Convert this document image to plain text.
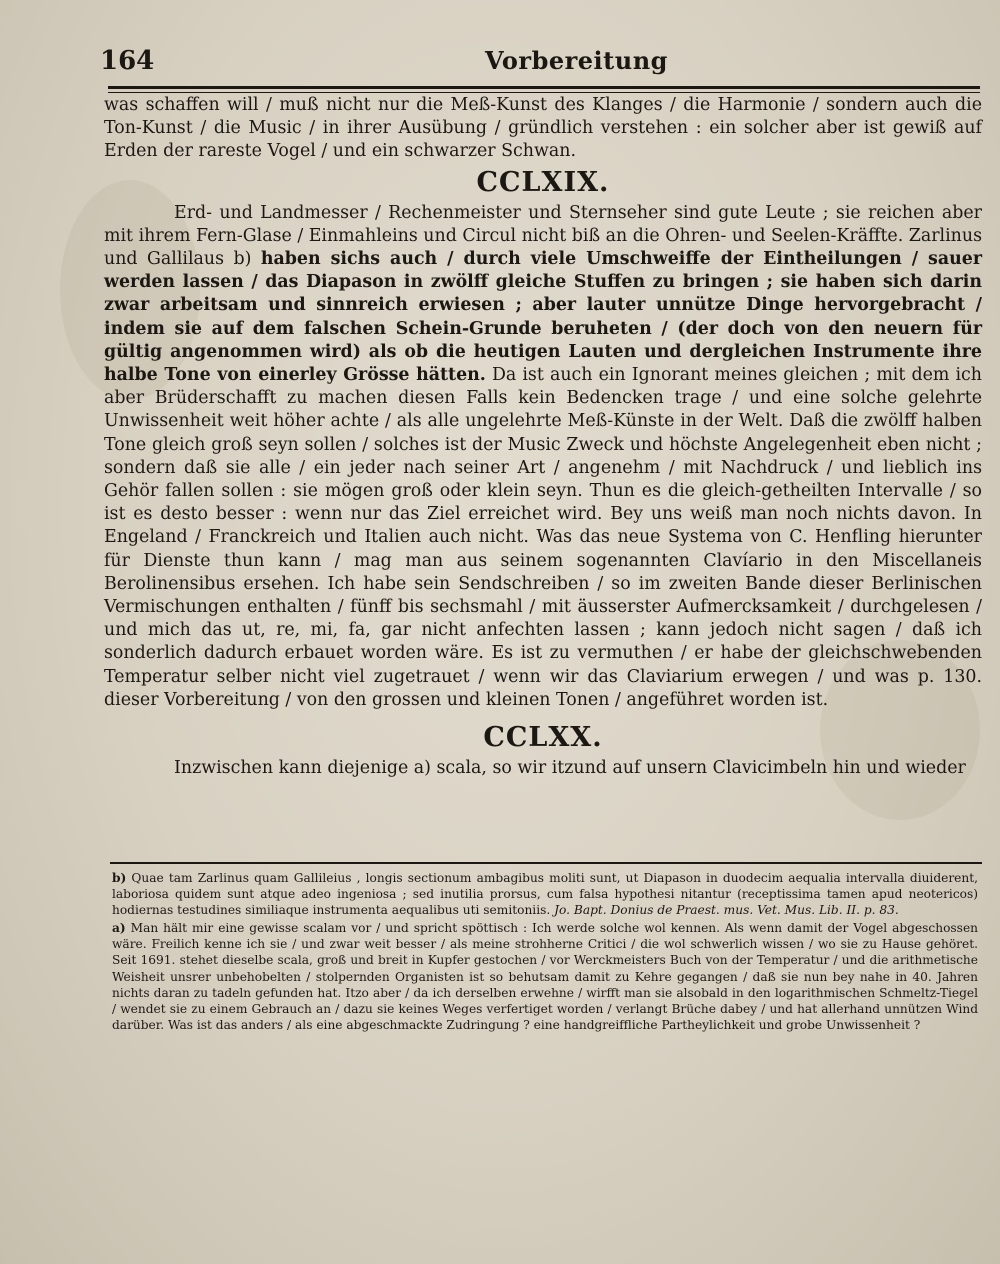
164	Vorbereitung

was schaffen will / muß nicht nur die Meß-Kunst des Klanges / die Harmonie / sondern auch die Ton-Kunst / die Music / in ihrer Ausübung / gründlich verstehen : ein solcher aber ist gewiß auf Erden der rareste Vogel / und ein schwarzer Schwan.

CCLXIX.

Erd- und Landmesser / Rechenmeister und Sternseher sind gute Leute ; sie reichen aber mit ihrem Fern-Glase / Einmahleins und Circul nicht biß an die Ohren- und Seelen-Kräffte. Zarlinus und Gallilaus b) haben sichs auch / durch viele Umschweiffe der Eintheilungen / sauer werden lassen / das Diapason in zwölff gleiche Stuffen zu bringen ; sie haben sich darin zwar arbeitsam und sinnreich erwiesen ; aber lauter unnütze Dinge hervorgebracht / indem sie auf dem falschen Schein-Grunde beruheten / (der doch von den neuern für gültig angenommen wird) als ob die heutigen Lauten und dergleichen Instrumente ihre halbe Tone von einerley Grösse hätten. Da ist auch ein Ignorant meines gleichen ; mit dem ich aber Brüderschafft zu machen diesen Falls kein Bedencken trage / und eine solche gelehrte Unwissenheit weit höher achte / als alle ungelehrte Meß-Künste in der Welt. Daß die zwölff halben Tone gleich groß seyn sollen / solches ist der Music Zweck und höchste Angelegenheit eben nicht ; sondern daß sie alle / ein jeder nach seiner Art / angenehm / mit Nachdruck / und lieblich ins Gehör fallen sollen : sie mögen groß oder klein seyn. Thun es die gleich-getheilten Intervalle / so ist es desto besser : wenn nur das Ziel erreichet wird. Bey uns weiß man noch nichts davon. In Engeland / Franckreich und Italien auch nicht. Was das neue Systema von C. Henfling hierunter für Dienste thun kann / mag man aus seinem sogenannten Clavíario in den Miscellaneis Berolinensibus ersehen. Ich habe sein Sendschreiben / so im zweiten Bande dieser Berlinischen Vermischungen enthalten / fünff bis sechsmahl / mit äusserster Aufmercksamkeit / durchgelesen / und mich das ut, re, mi, fa, gar nicht anfechten lassen ; kann jedoch nicht sagen / daß ich sonderlich dadurch erbauet worden wäre. Es ist zu vermuthen / er habe der gleichschwebenden Temperatur selber nicht viel zugetrauet / wenn wir das Claviarium erwegen / und was p. 130. dieser Vorbereitung / von den grossen und kleinen Tonen / angeführet worden ist.

CCLXX.

Inzwischen kann diejenige a) scala, so wir itzund auf unsern Clavicimbeln hin und wieder

b) Quae tam Zarlinus quam Gallileius , longis sectionum ambagibus moliti sunt, ut Diapason in duodecim aequalia intervalla diuiderent, laboriosa quidem sunt atque adeo ingeniosa ; sed inutilia prorsus, cum falsa hypothesi nitantur (receptissima tamen apud neotericos) hodiernas testudines similiaque instrumenta aequalibus uti semitoniis. Jo. Bapt. Donius de Praest. mus. Vet. Mus. Lib. II. p. 83.

a) Man hält mir eine gewisse scalam vor / und spricht spöttisch : Ich werde solche wol kennen. Als wenn damit der Vogel abgeschossen wäre. Freilich kenne ich sie / und zwar weit besser / als meine strohherne Critici / die wol schwerlich wissen / wo sie zu Hause gehöret. Seit 1691. stehet dieselbe scala, groß und breit in Kupfer gestochen / vor Werckmeisters Buch von der Temperatur / und die arithmetische Weisheit unsrer unbehobelten / stolpernden Organisten ist so behutsam damit zu Kehre gegangen / daß sie nun bey nahe in 40. Jahren nichts daran zu tadeln gefunden hat. Itzo aber / da ich derselben erwehne / wirfft man sie alsobald in den logarithmischen Schmeltz-Tiegel / wendet sie zu einem Gebrauch an / dazu sie keines Weges verfertiget worden / verlangt Brüche dabey / und hat allerhand unnützen Wind darüber. Was ist das anders / als eine abgeschmackte Zudringung ? eine handgreiffliche Partheylichkeit und grobe Unwissenheit ?
